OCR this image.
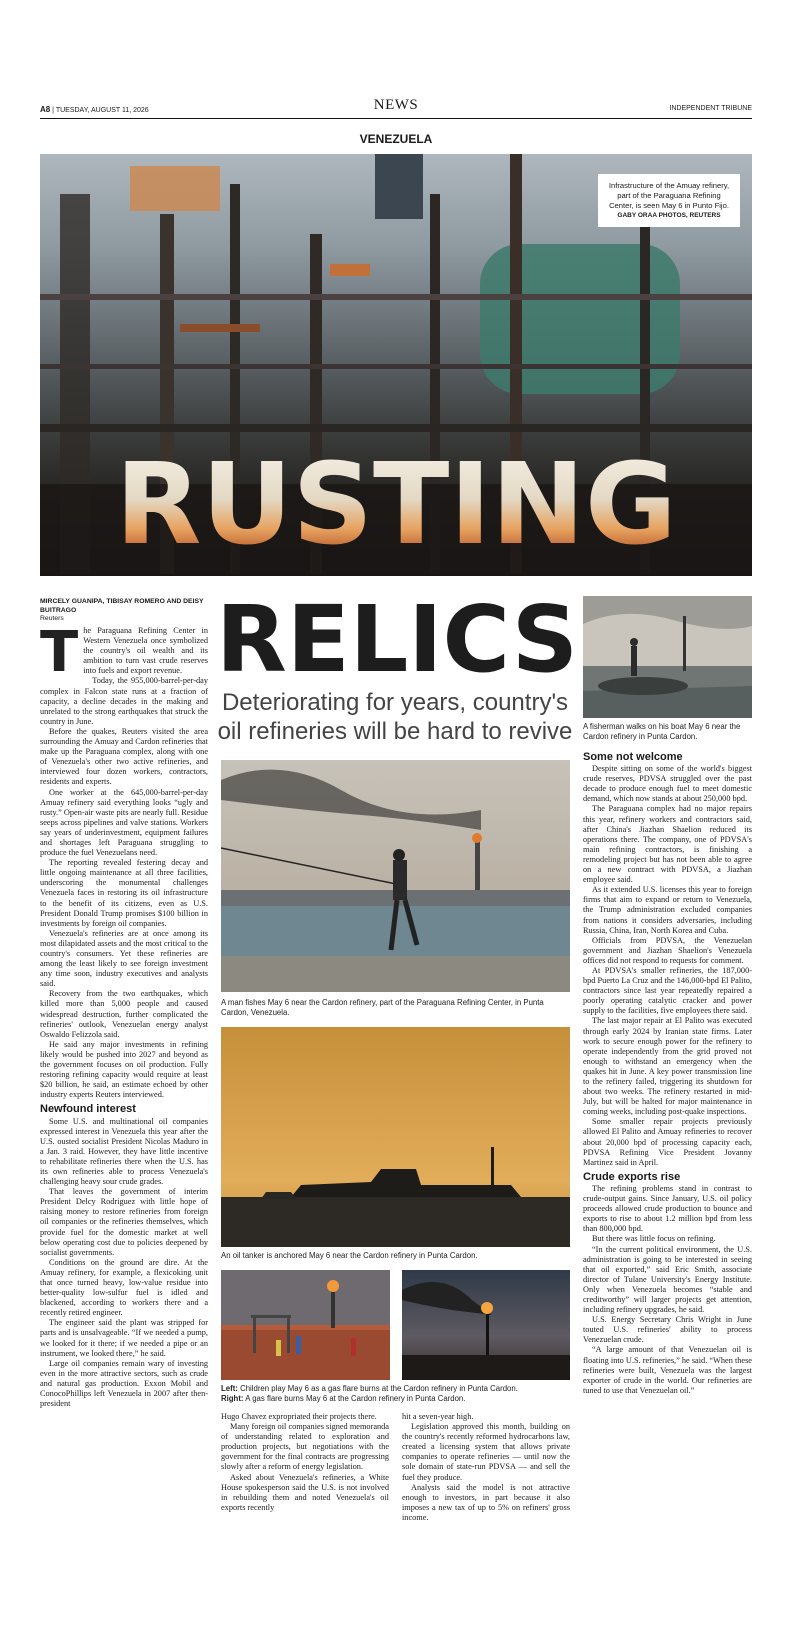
A8 | TUESDAY, AUGUST 11, 2026	NEWS	INDEPENDENT TRIBUNE
VENEZUELA
RUSTING
Infrastructure of the Amuay refinery, part of the Paraguana Refining Center, is seen May 6 in Punto Fijo.
GABY ORAA PHOTOS, REUTERS
MIRCELY GUANIPA, TIBISAY ROMERO AND DEISY BUITRAGO
Reuters
T he Paraguana Refining Center in Western Venezuela once symbolized the country's oil wealth and its ambition to turn vast crude reserves into fuels and export revenue.

Today, the 955,000-barrel-per-day complex in Falcon state runs at a fraction of capacity, a decline decades in the making and unrelated to the strong earthquakes that struck the country in June.

Before the quakes, Reuters visited the area surrounding the Amuay and Cardon refineries that make up the Paraguana complex, along with one of Venezuela's other two active refineries, and interviewed four dozen workers, contractors, residents and experts.

One worker at the 645,000-barrel-per-day Amuay refinery said everything looks “ugly and rusty.” Open-air waste pits are nearly full. Residue seeps across pipelines and valve stations. Workers say years of underinvestment, equipment failures and shortages left Paraguana struggling to produce the fuel Venezuelans need.

The reporting revealed festering decay and little ongoing maintenance at all three facilities, underscoring the monumental challenges Venezuela faces in restoring its oil infrastructure to the benefit of its citizens, even as U.S. President Donald Trump promises $100 billion in investments by foreign oil companies.

Venezuela's refineries are at once among its most dilapidated assets and the most critical to the country's consumers. Yet these refineries are among the least likely to see foreign investment any time soon, industry executives and analysts said.

Recovery from the two earthquakes, which killed more than 5,000 people and caused widespread destruction, further complicated the refineries' outlook, Venezuelan energy analyst Oswaldo Felizzola said.

He said any major investments in refining likely would be pushed into 2027 and beyond as the government focuses on oil production. Fully restoring refining capacity would require at least $20 billion, he said, an estimate echoed by other industry experts Reuters interviewed.

Newfound interest

Some U.S. and multinational oil companies expressed interest in Venezuela this year after the U.S. ousted socialist President Nicolas Maduro in a Jan. 3 raid. However, they have little incentive to rehabilitate refineries there when the U.S. has its own refineries able to process Venezuela's challenging heavy sour crude grades.

That leaves the government of interim President Delcy Rodriguez with little hope of raising money to restore refineries from foreign oil companies or the refineries themselves, which provide fuel for the domestic market at well below operating cost due to policies deepened by socialist governments.

Conditions on the ground are dire. At the Amuay refinery, for example, a flexicoking unit that once turned heavy, low-value residue into better-quality low-sulfur fuel is idled and blackened, according to workers there and a recently retired engineer.

The engineer said the plant was stripped for parts and is unsalvageable. “If we needed a pump, we looked for it there; if we needed a pipe or an instrument, we looked there,” he said.

Large oil companies remain wary of investing even in the more attractive sectors, such as crude and natural gas production. Exxon Mobil and ConocoPhillips left Venezuela in 2007 after then-president

RELICS
Deteriorating for years, country's oil refineries will be hard to revive A fisherman walks on his boat May 6 near the Cardon refinery in Punta Cardon.
A man fishes May 6 near the Cardon refinery, part of the Paraguana Refining Center, in Punta Cardon, Venezuela.
An oil tanker is anchored May 6 near the Cardon refinery in Punta Cardon.
Left: Children play May 6 as a gas flare burns at the Cardon refinery in Punta Cardon.
Right: A gas flare burns May 6 at the Cardon refinery in Punta Cardon.

Hugo Chavez expropriated their projects there.

Many foreign oil companies signed memoranda of understanding related to exploration and production projects, but negotiations with the government for the final contracts are progressing slowly after a reform of energy legislation.

Asked about Venezuela's refineries, a White House spokesperson said the U.S. is not involved in rebuilding them and noted Venezuela's oil exports recently

hit a seven-year high.

Legislation approved this month, building on the country's recently reformed hydrocarbons law, created a licensing system that allows private companies to operate refineries — until now the sole domain of state-run PDVSA — and sell the fuel they produce.

Analysts said the model is not attractive enough to investors, in part because it also imposes a new tax of up to 5% on refiners' gross income.

Some not welcome

Despite sitting on some of the world's biggest crude reserves, PDVSA struggled over the past decade to produce enough fuel to meet domestic demand, which now stands at about 250,000 bpd.

The Paraguana complex had no major repairs this year, refinery workers and contractors said, after China's Jiazhan Shaelion reduced its operations there. The company, one of PDVSA's main refining contractors, is finishing a remodeling project but has not been able to agree on a new contract with PDVSA, a Jiazhan employee said.

As it extended U.S. licenses this year to foreign firms that aim to expand or return to Venezuela, the Trump administration excluded companies from nations it considers adversaries, including Russia, China, Iran, North Korea and Cuba.

Officials from PDVSA, the Venezuelan government and Jiazhan Shaelion's Venezuela offices did not respond to requests for comment.

At PDVSA's smaller refineries, the 187,000-bpd Puerto La Cruz and the 146,000-bpd El Palito, contractors since last year repeatedly repaired a poorly operating catalytic cracker and power supply to the facilities, five employees there said.

The last major repair at El Palito was executed through early 2024 by Iranian state firms. Later work to secure enough power for the refinery to operate independently from the grid proved not enough to withstand an emergency when the quakes hit in June. A key power transmission line to the refinery failed, triggering its shutdown for about two weeks. The refinery restarted in mid-July, but will be halted for major maintenance in coming weeks, including post-quake inspections.

Some smaller repair projects previously allowed El Palito and Amuay refineries to recover about 20,000 bpd of processing capacity each, PDVSA Refining Vice President Jovanny Martinez said in April.

Crude exports rise

The refining problems stand in contrast to crude-output gains. Since January, U.S. oil policy proceeds allowed crude production to bounce and exports to rise to about 1.2 million bpd from less than 800,000 bpd.

But there was little focus on refining.

“In the current political environment, the U.S. administration is going to be interested in seeing that oil exported,” said Eric Smith, associate director of Tulane University's Energy Institute. Only when Venezuela becomes “stable and creditworthy” will larger projects get attention, including refinery upgrades, he said.

U.S. Energy Secretary Chris Wright in June touted U.S. refineries' ability to process Venezuelan crude.

“A large amount of that Venezuelan oil is floating into U.S. refineries,” he said. “When these refineries were built, Venezuela was the largest exporter of crude in the world. Our refineries are tuned to use that Venezuelan oil.”
